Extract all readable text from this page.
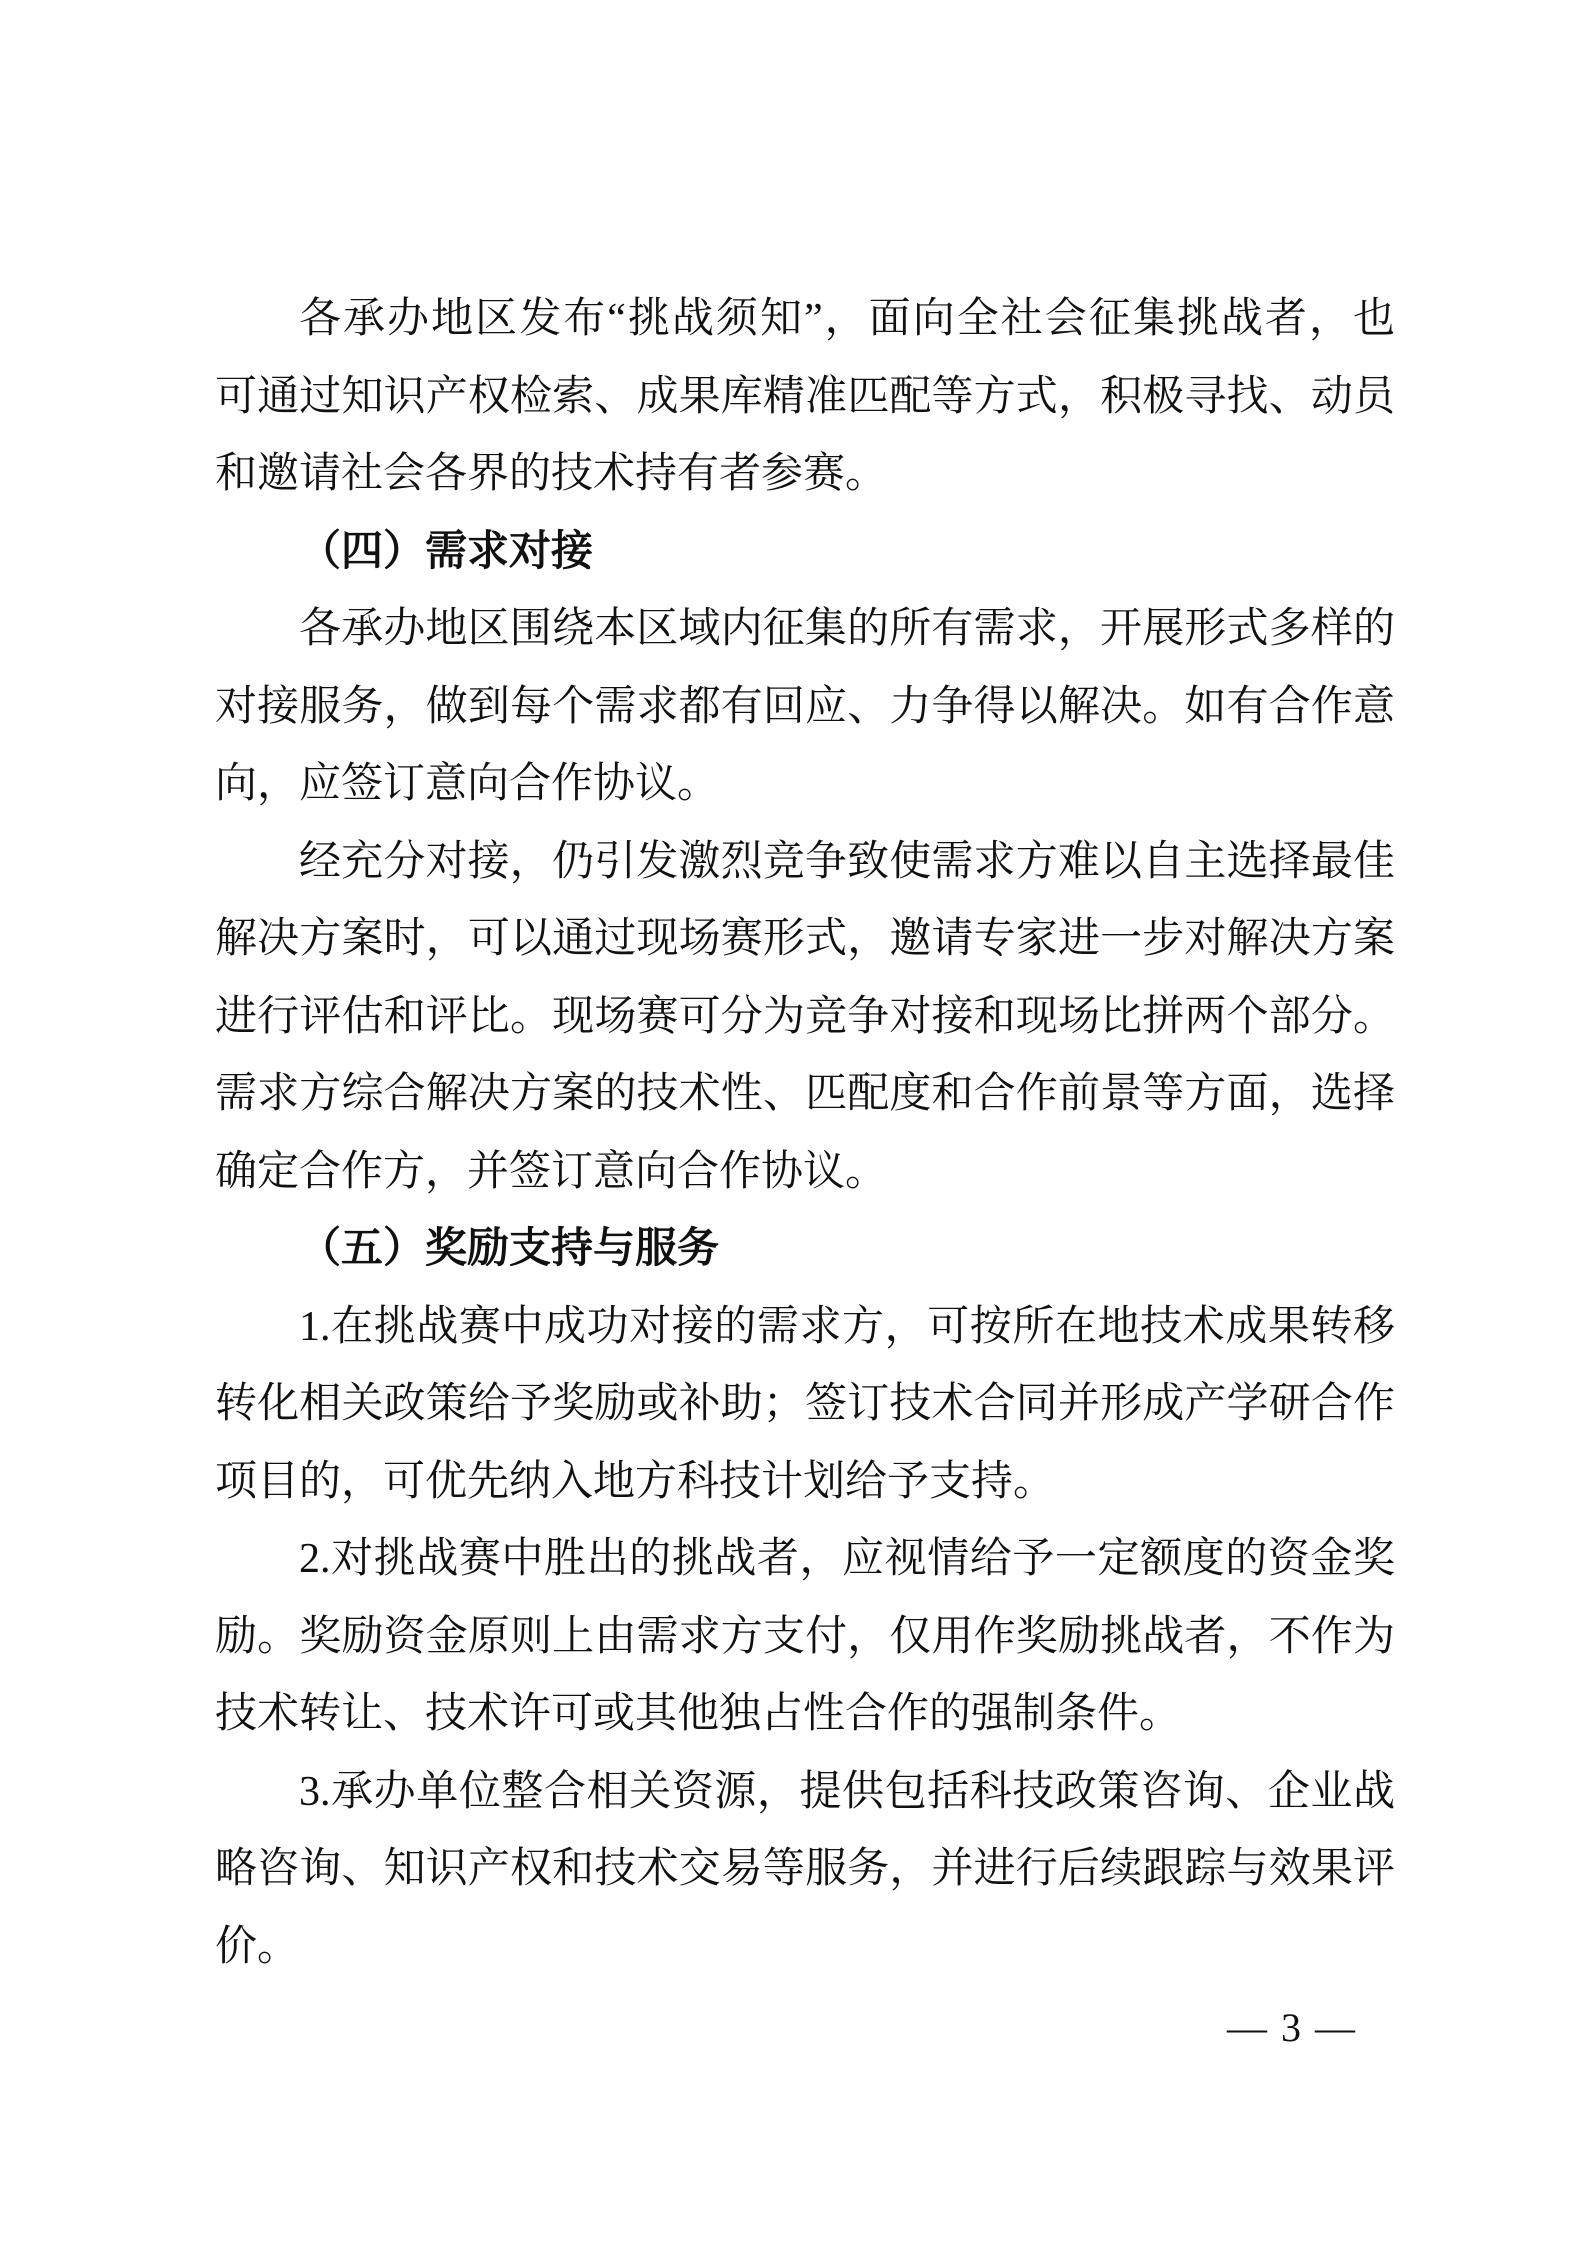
各承办地区发布“挑战须知”，面向全社会征集挑战者，也
可通过知识产权检索、成果库精准匹配等方式，积极寻找、动员
和邀请社会各界的技术持有者参赛。
（四）需求对接
各承办地区围绕本区域内征集的所有需求，开展形式多样的
对接服务，做到每个需求都有回应、力争得以解决。如有合作意
向，应签订意向合作协议。
经充分对接，仍引发激烈竞争致使需求方难以自主选择最佳
解决方案时，可以通过现场赛形式，邀请专家进一步对解决方案
进行评估和评比。现场赛可分为竞争对接和现场比拼两个部分。
需求方综合解决方案的技术性、匹配度和合作前景等方面，选择
确定合作方，并签订意向合作协议。
（五）奖励支持与服务
1.在挑战赛中成功对接的需求方，可按所在地技术成果转移
转化相关政策给予奖励或补助；签订技术合同并形成产学研合作
项目的，可优先纳入地方科技计划给予支持。
2.对挑战赛中胜出的挑战者，应视情给予一定额度的资金奖
励。奖励资金原则上由需求方支付，仅用作奖励挑战者，不作为
技术转让、技术许可或其他独占性合作的强制条件。
3.承办单位整合相关资源，提供包括科技政策咨询、企业战
略咨询、知识产权和技术交易等服务，并进行后续跟踪与效果评
价。
— 3 —
